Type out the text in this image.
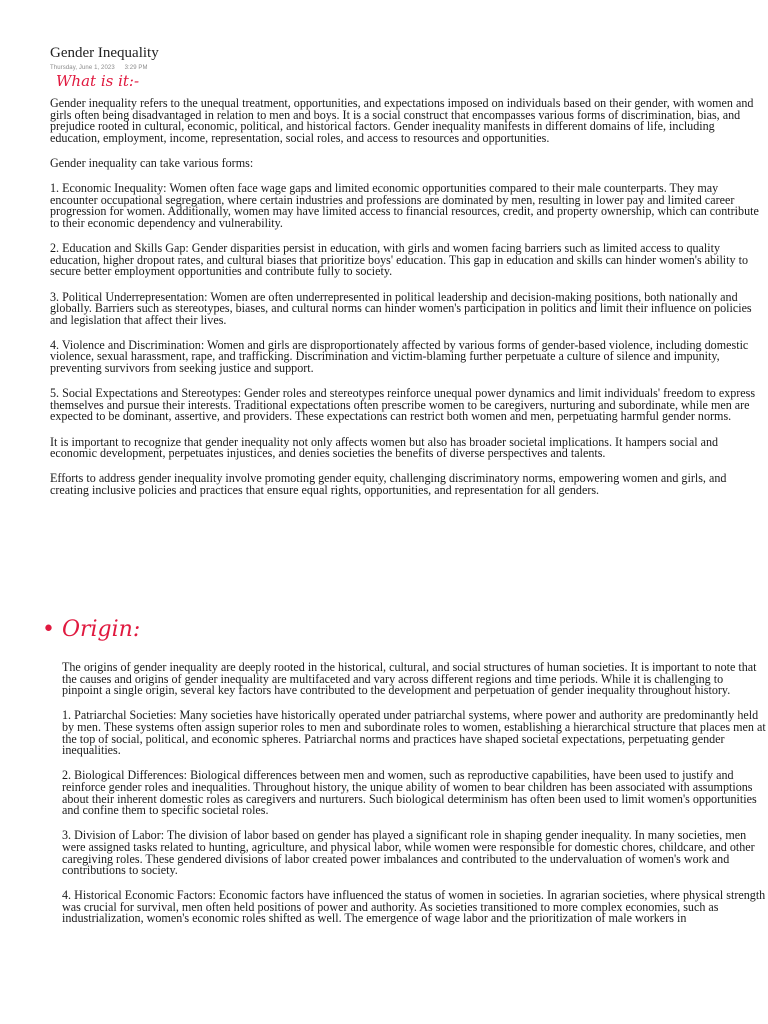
Gender Inequality
Thursday, June 1, 2023 3:29 PM
What is it:-

Gender inequality refers to the unequal treatment, opportunities, and expectations imposed on individuals based on their gender, with women and girls often being disadvantaged in relation to men and boys. It is a social construct that encompasses various forms of discrimination, bias, and prejudice rooted in cultural, economic, political, and historical factors. Gender inequality manifests in different domains of life, including education, employment, income, representation, social roles, and access to resources and opportunities.

Gender inequality can take various forms:

1. Economic Inequality: Women often face wage gaps and limited economic opportunities compared to their male counterparts. They may encounter occupational segregation, where certain industries and professions are dominated by men, resulting in lower pay and limited career progression for women. Additionally, women may have limited access to financial resources, credit, and property ownership, which can contribute to their economic dependency and vulnerability.

2. Education and Skills Gap: Gender disparities persist in education, with girls and women facing barriers such as limited access to quality education, higher dropout rates, and cultural biases that prioritize boys' education. This gap in education and skills can hinder women's ability to secure better employment opportunities and contribute fully to society.

3. Political Underrepresentation: Women are often underrepresented in political leadership and decision-making positions, both nationally and globally. Barriers such as stereotypes, biases, and cultural norms can hinder women's participation in politics and limit their influence on policies and legislation that affect their lives.

4. Violence and Discrimination: Women and girls are disproportionately affected by various forms of gender-based violence, including domestic violence, sexual harassment, rape, and trafficking. Discrimination and victim-blaming further perpetuate a culture of silence and impunity, preventing survivors from seeking justice and support.

5. Social Expectations and Stereotypes: Gender roles and stereotypes reinforce unequal power dynamics and limit individuals' freedom to express themselves and pursue their interests. Traditional expectations often prescribe women to be caregivers, nurturing and subordinate, while men are expected to be dominant, assertive, and providers. These expectations can restrict both women and men, perpetuating harmful gender norms.

It is important to recognize that gender inequality not only affects women but also has broader societal implications. It hampers social and economic development, perpetuates injustices, and denies societies the benefits of diverse perspectives and talents.

Efforts to address gender inequality involve promoting gender equity, challenging discriminatory norms, empowering women and girls, and creating inclusive policies and practices that ensure equal rights, opportunities, and representation for all genders.

• Origin:

The origins of gender inequality are deeply rooted in the historical, cultural, and social structures of human societies. It is important to note that the causes and origins of gender inequality are multifaceted and vary across different regions and time periods. While it is challenging to pinpoint a single origin, several key factors have contributed to the development and perpetuation of gender inequality throughout history.

1. Patriarchal Societies: Many societies have historically operated under patriarchal systems, where power and authority are predominantly held by men. These systems often assign superior roles to men and subordinate roles to women, establishing a hierarchical structure that places men at the top of social, political, and economic spheres. Patriarchal norms and practices have shaped societal expectations, perpetuating gender inequalities.

2. Biological Differences: Biological differences between men and women, such as reproductive capabilities, have been used to justify and reinforce gender roles and inequalities. Throughout history, the unique ability of women to bear children has been associated with assumptions about their inherent domestic roles as caregivers and nurturers. Such biological determinism has often been used to limit women's opportunities and confine them to specific societal roles.

3. Division of Labor: The division of labor based on gender has played a significant role in shaping gender inequality. In many societies, men were assigned tasks related to hunting, agriculture, and physical labor, while women were responsible for domestic chores, childcare, and other caregiving roles. These gendered divisions of labor created power imbalances and contributed to the undervaluation of women's work and contributions to society.

4. Historical Economic Factors: Economic factors have influenced the status of women in societies. In agrarian societies, where physical strength was crucial for survival, men often held positions of power and authority. As societies transitioned to more complex economies, such as industrialization, women's economic roles shifted as well. The emergence of wage labor and the prioritization of male workers in
